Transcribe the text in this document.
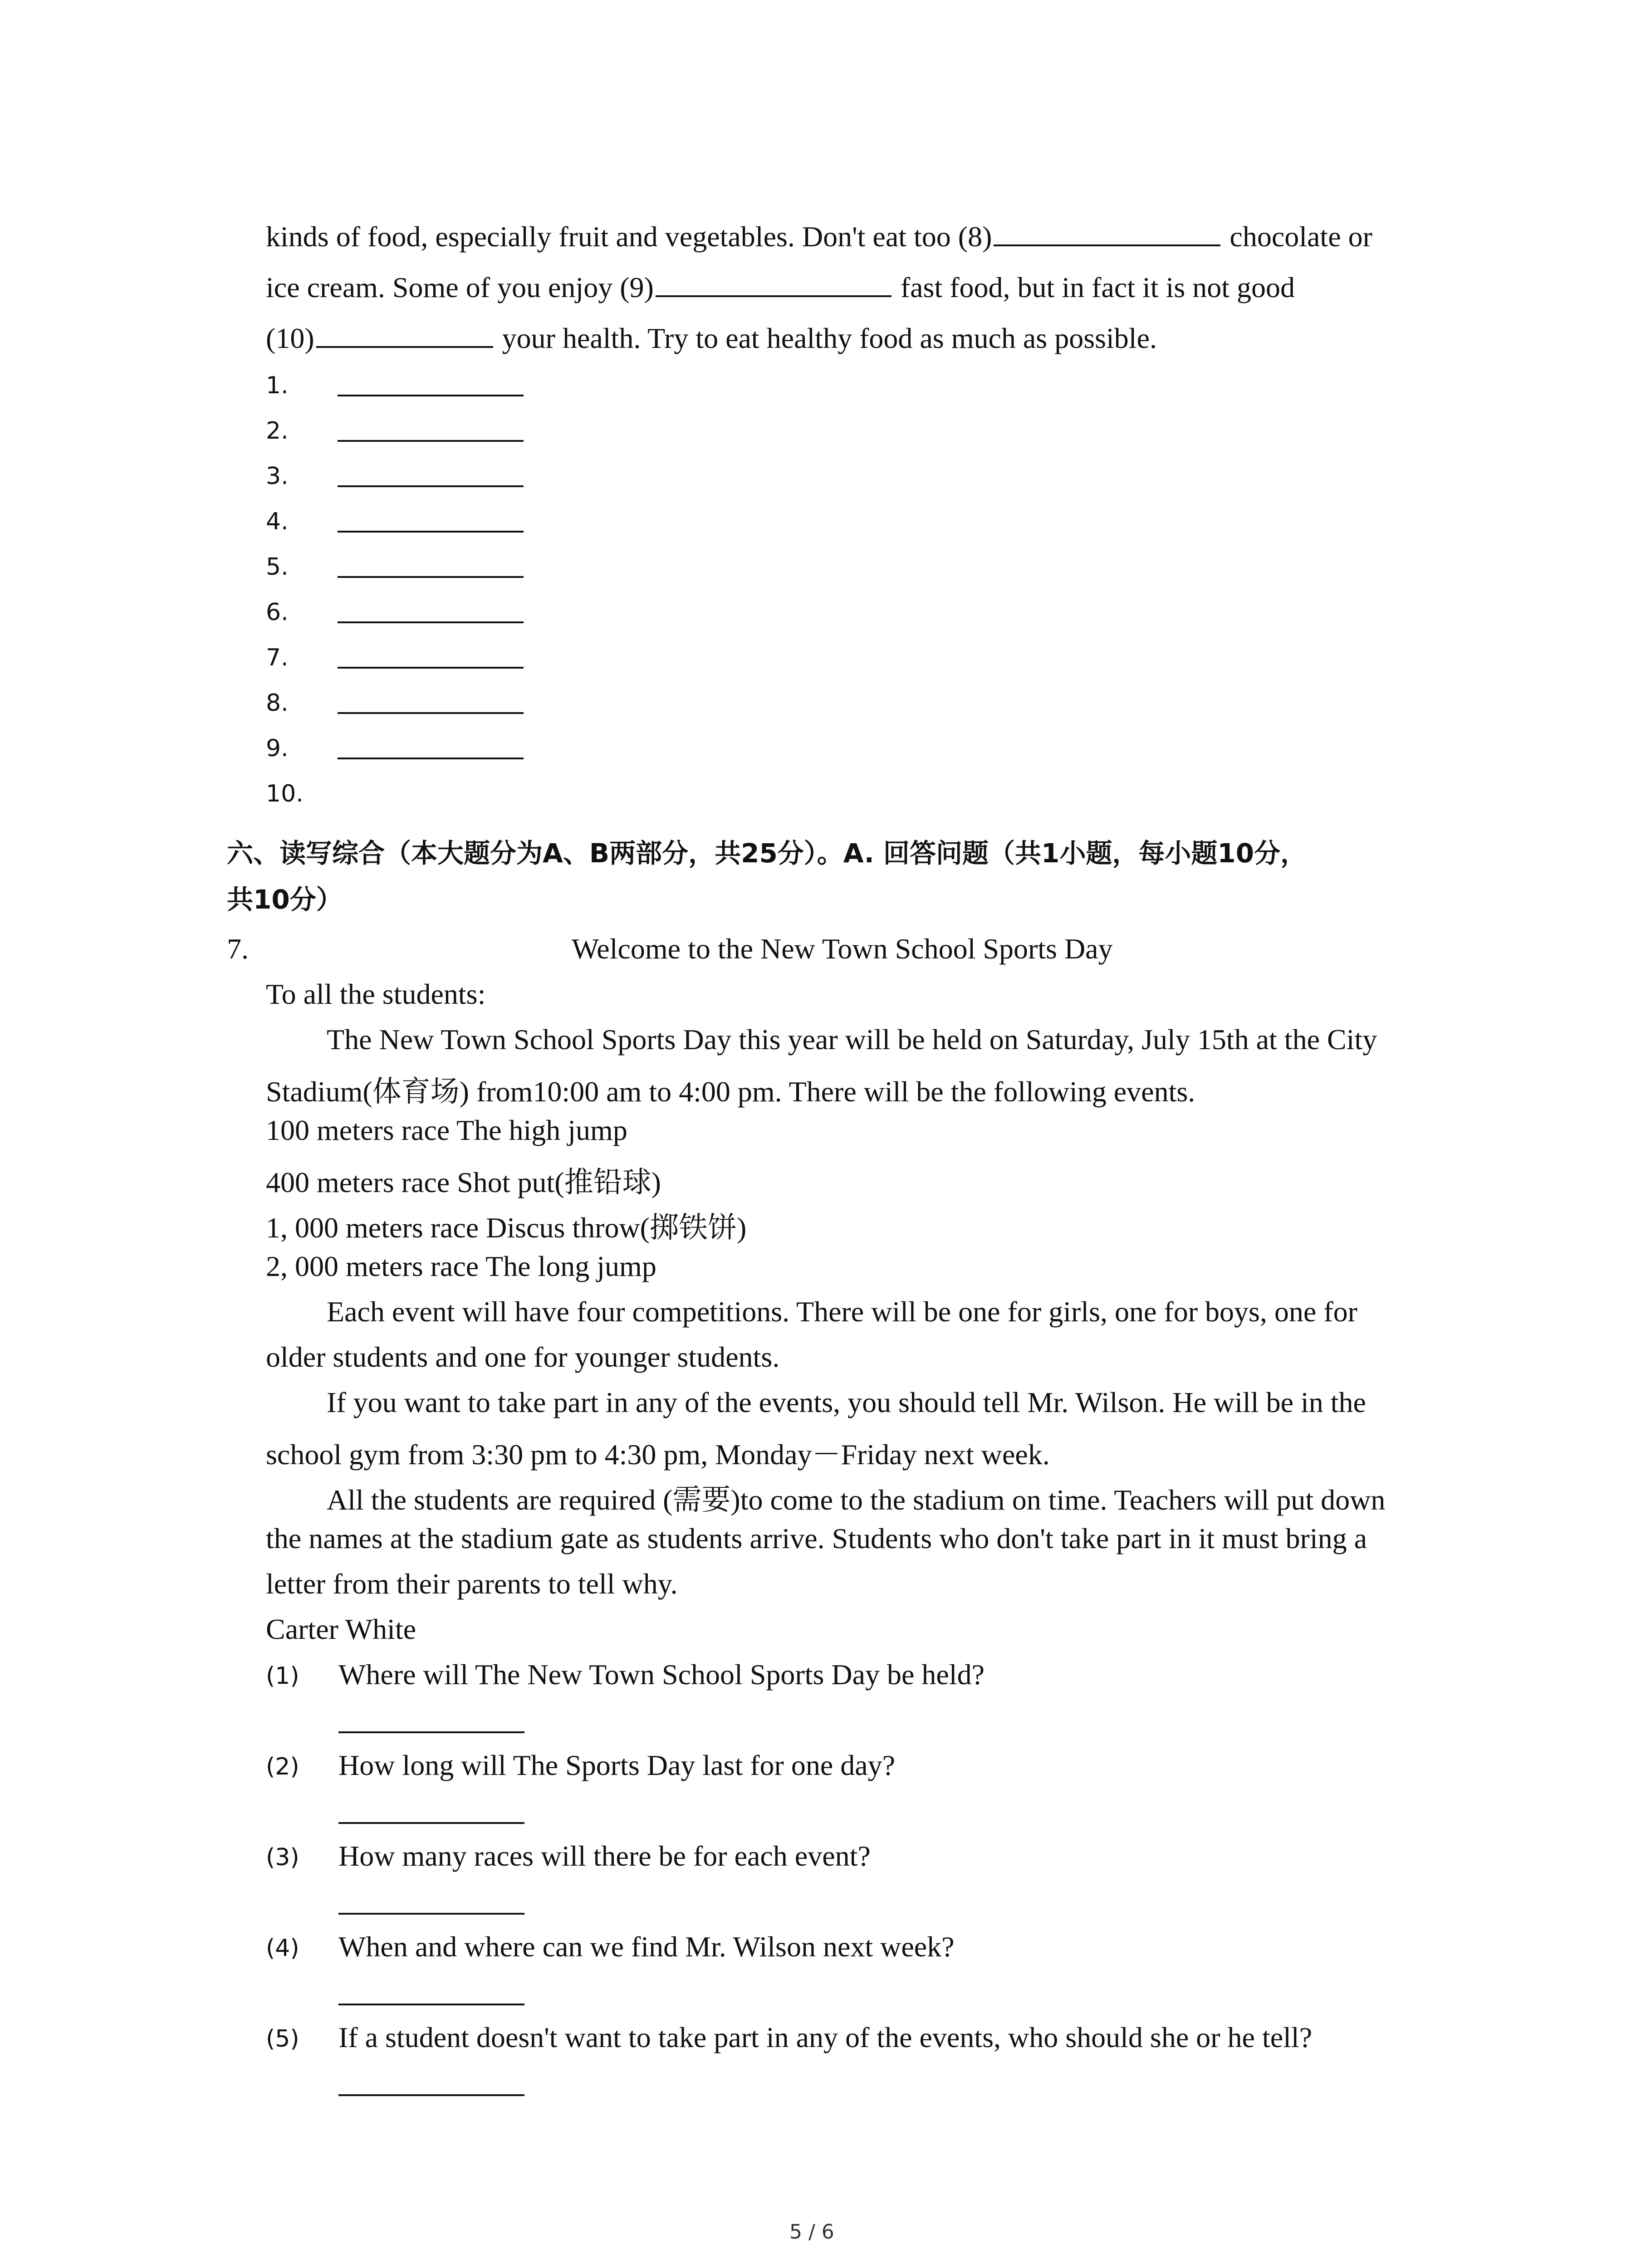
kinds of food, especially fruit and vegetables. Don't eat too (8)	chocolate or

ice cream. Some of you enjoy (9)	fast food, but in fact it is not good

(10)	your health. Try to eat healthy food as much as possible.

1.
2.
3.
4.
5.
6.
7.
8.
9.
10.
六、读写综合（本大题分为A、B两部分，共25分）。A. 回答问题（共1小题，每小题10分，
共10分）
7.	Welcome to the New Town School Sports Day
To all the students:
The New Town School Sports Day this year will be held on Saturday, July 15th at the City
Stadium(体育场) from10:00 am to 4:00 pm. There will be the following events.
100 meters race The high jump
400 meters race Shot put(推铅球)
1, 000 meters race Discus throw(掷铁饼)
2, 000 meters race The long jump
Each event will have four competitions. There will be one for girls, one for boys, one for
older students and one for younger students.
If you want to take part in any of the events, you should tell Mr. Wilson. He will be in the
school gym from 3:30 pm to 4:30 pm, Monday－Friday next week.
All the students are required (需要)to come to the stadium on time. Teachers will put down
the names at the stadium gate as students arrive. Students who don't take part in it must bring a
letter from their parents to tell why.
Carter White
(1) Where will The New Town School Sports Day be held?
(2) How long will The Sports Day last for one day?
(3) How many races will there be for each event?
(4) When and where can we find Mr. Wilson next week?
(5) If a student doesn't want to take part in any of the events, who should she or he tell?
5 / 6
